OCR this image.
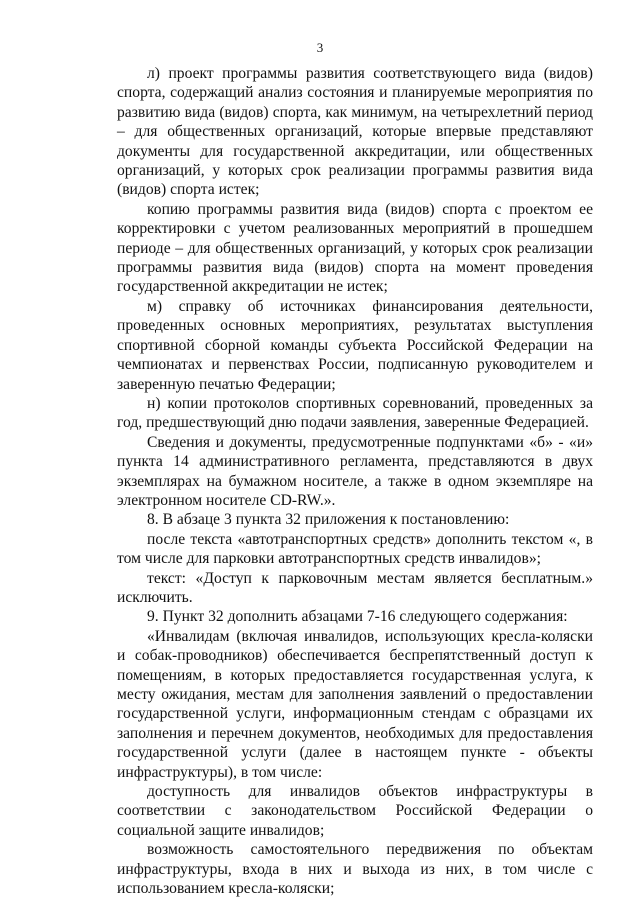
3

л) проект программы развития соответствующего вида (видов) спорта, содержащий анализ состояния и планируемые мероприятия по развитию вида (видов) спорта, как минимум, на четырехлетний период – для общественных организаций, которые впервые представляют документы для государственной аккредитации, или общественных организаций, у которых срок реализации программы развития вида (видов) спорта истек;

копию программы развития вида (видов) спорта с проектом ее корректировки с учетом реализованных мероприятий в прошедшем периоде – для общественных организаций, у которых срок реализации программы развития вида (видов) спорта на момент проведения государственной аккредитации не истек;

м) справку об источниках финансирования деятельности, проведенных основных мероприятиях, результатах выступления спортивной сборной команды субъекта Российской Федерации на чемпионатах и первенствах России, подписанную руководителем и заверенную печатью Федерации;

н) копии протоколов спортивных соревнований, проведенных за год, предшествующий дню подачи заявления, заверенные Федерацией.

Сведения и документы, предусмотренные подпунктами «б» - «и» пункта 14 административного регламента, представляются в двух экземплярах на бумажном носителе, а также в одном экземпляре на электронном носителе CD-RW.».

8. В абзаце 3 пункта 32 приложения к постановлению:

после текста «автотранспортных средств» дополнить текстом «, в том числе для парковки автотранспортных средств инвалидов»;

текст: «Доступ к парковочным местам является бесплатным.» исключить.

9. Пункт 32 дополнить абзацами 7-16 следующего содержания:

«Инвалидам (включая инвалидов, использующих кресла-коляски и собак-проводников) обеспечивается беспрепятственный доступ к помещениям, в которых предоставляется государственная услуга, к месту ожидания, местам для заполнения заявлений о предоставлении государственной услуги, информационным стендам с образцами их заполнения и перечнем документов, необходимых для предоставления государственной услуги (далее в настоящем пункте - объекты инфраструктуры), в том числе:

доступность для инвалидов объектов инфраструктуры в соответствии с законодательством Российской Федерации о социальной защите инвалидов;

возможность самостоятельного передвижения по объектам инфраструктуры, входа в них и выхода из них, в том числе с использованием кресла-коляски;
